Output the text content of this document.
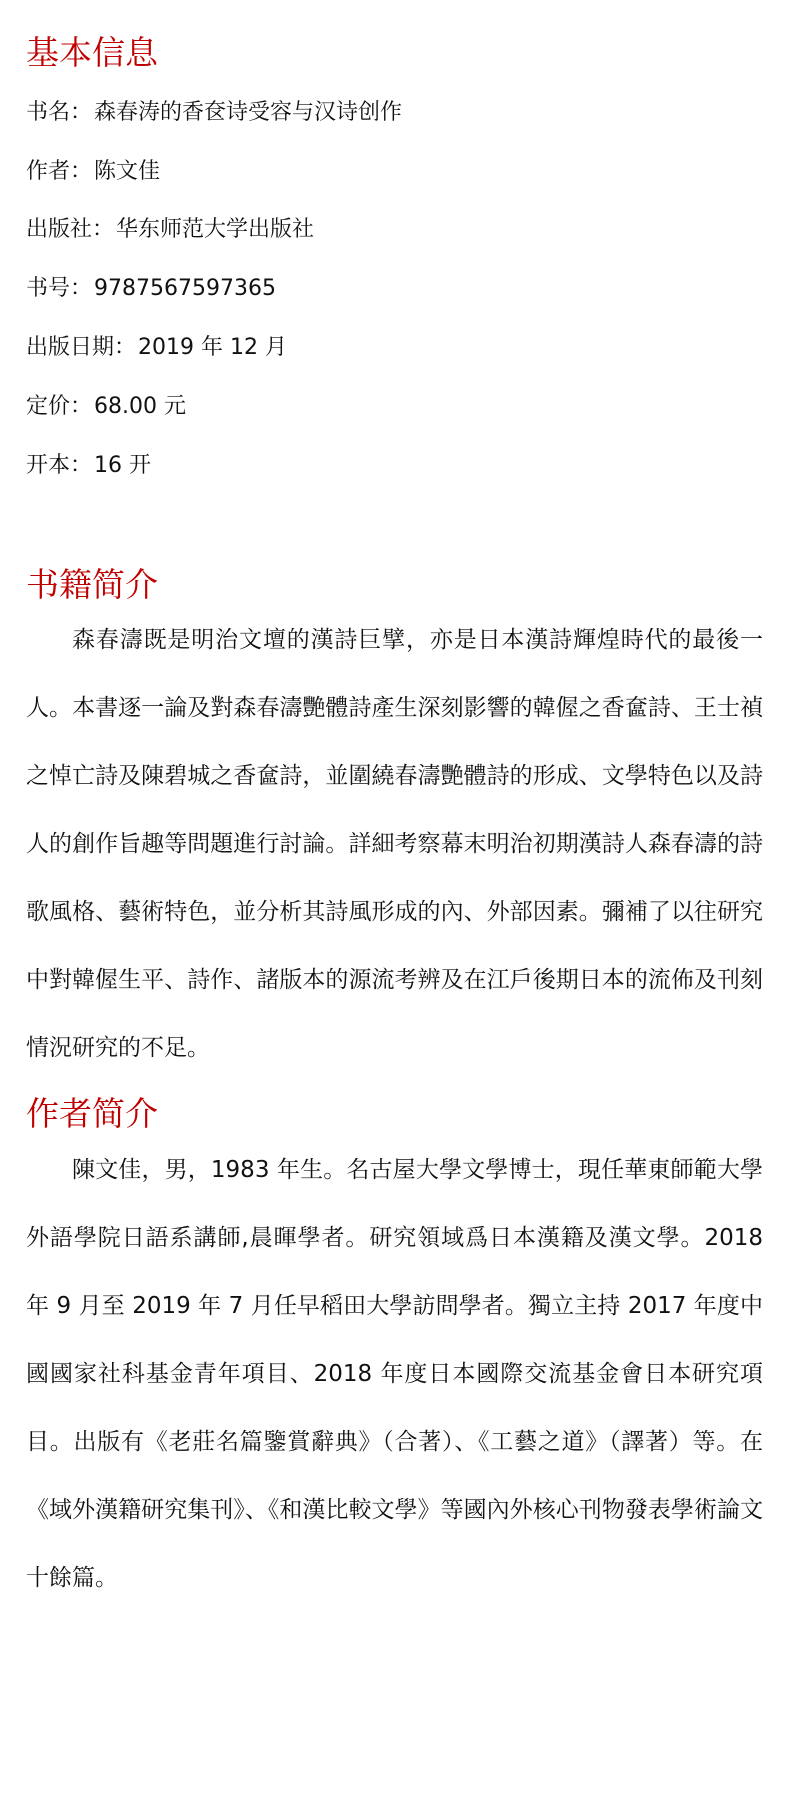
基本信息

书名：森春涛的香奁诗受容与汉诗创作

作者：陈文佳

出版社：华东师范大学出版社

书号：9787567597365

出版日期：2019 年 12 月

定价：68.00 元

开本：16 开

书籍简介

森春濤既是明治文壇的漢詩巨擘，亦是日本漢詩輝煌時代的最後一人。本書逐一論及對森春濤艷體詩產生深刻影響的韓偓之香奩詩、王士禎之悼亡詩及陳碧城之香奩詩，並圍繞春濤艷體詩的形成、文學特色以及詩人的創作旨趣等問題進行討論。詳細考察幕末明治初期漢詩人森春濤的詩歌風格、藝術特色，並分析其詩風形成的內、外部因素。彌補了以往研究中對韓偓生平、詩作、諸版本的源流考辨及在江戶後期日本的流佈及刊刻情況研究的不足。

作者简介

陳文佳，男，1983 年生。名古屋大學文學博士，現任華東師範大學外語學院日語系講師,晨暉學者。研究領域爲日本漢籍及漢文學。2018 年 9 月至 2019 年 7 月任早稻田大學訪問學者。獨立主持 2017 年度中國國家社科基金青年項目、2018 年度日本國際交流基金會日本研究項目。出版有《老莊名篇鑒賞辭典》（合著）、《工藝之道》（譯著）等。在《域外漢籍研究集刊》、《和漢比較文學》等國內外核心刊物發表學術論文十餘篇。
